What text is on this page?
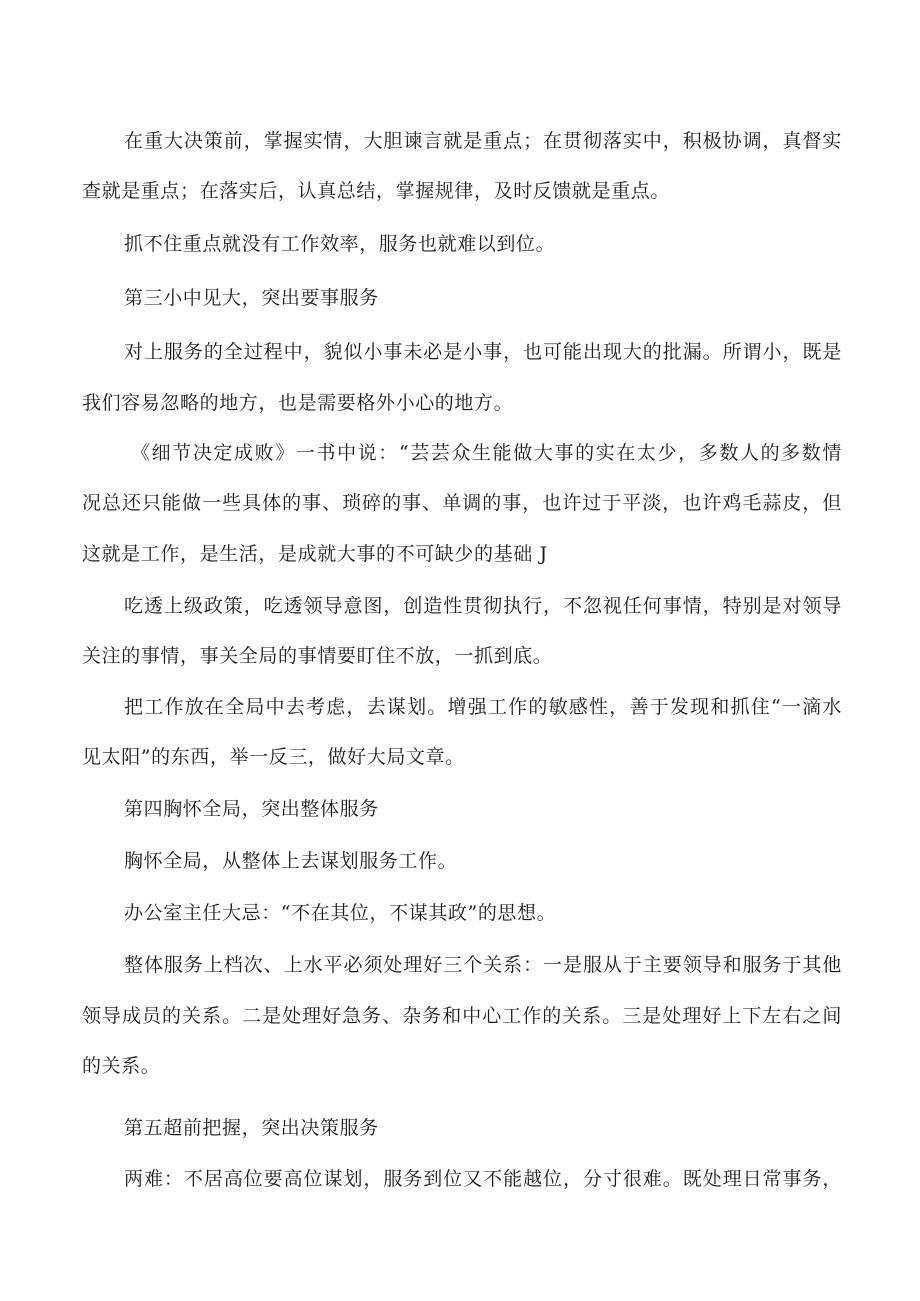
在重大决策前，掌握实情，大胆谏言就是重点；在贯彻落实中，积极协调，真督实
查就是重点；在落实后，认真总结，掌握规律，及时反馈就是重点。
抓不住重点就没有工作效率，服务也就难以到位。
第三小中见大，突出要事服务
对上服务的全过程中，貌似小事未必是小事，也可能出现大的批漏。所谓小，既是
我们容易忽略的地方，也是需要格外小心的地方。
《细节决定成败》一书中说：“芸芸众生能做大事的实在太少，多数人的多数情
况总还只能做一些具体的事、琐碎的事、单调的事，也许过于平淡，也许鸡毛蒜皮，但
这就是工作，是生活，是成就大事的不可缺少的基础 J
吃透上级政策，吃透领导意图，创造性贯彻执行，不忽视任何事情，特别是对领导
关注的事情，事关全局的事情要盯住不放，一抓到底。
把工作放在全局中去考虑，去谋划。增强工作的敏感性，善于发现和抓住“一滴水
见太阳”的东西，举一反三，做好大局文章。
第四胸怀全局，突出整体服务
胸怀全局，从整体上去谋划服务工作。
办公室主任大忌：“不在其位，不谋其政”的思想。
整体服务上档次、上水平必须处理好三个关系：一是服从于主要领导和服务于其他
领导成员的关系。二是处理好急务、杂务和中心工作的关系。三是处理好上下左右之间
的关系。
第五超前把握，突出决策服务
两难：不居高位要高位谋划，服务到位又不能越位，分寸很难。既处理日常事务，
